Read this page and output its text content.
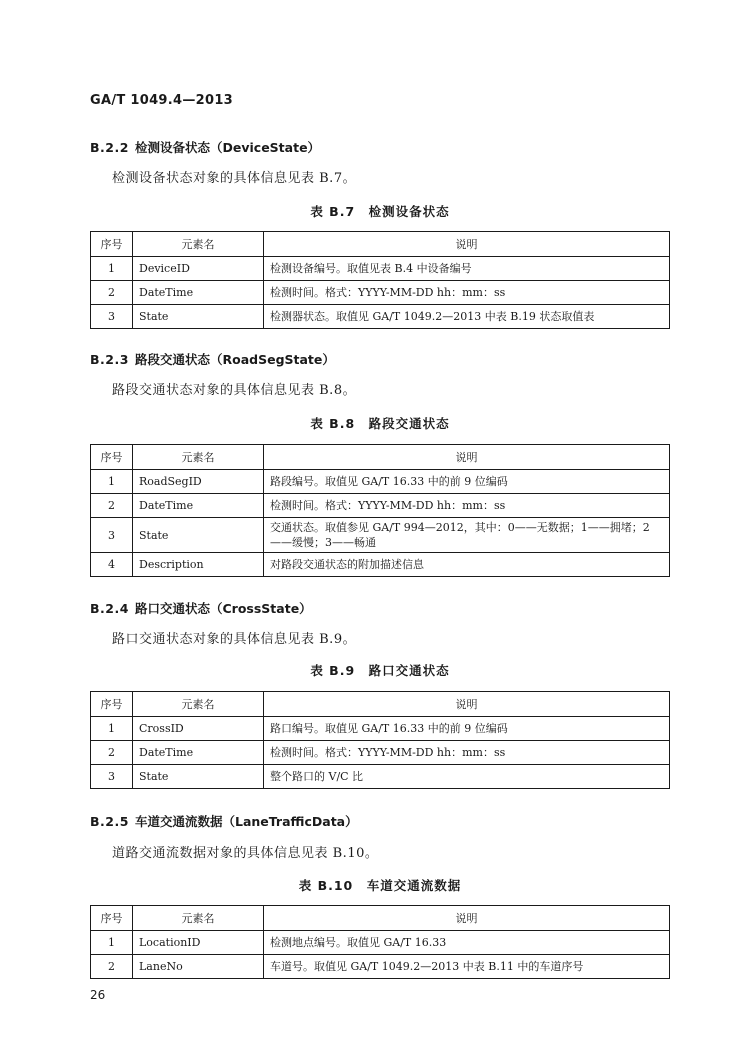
GA/T 1049.4—2013
B.2.2 检测设备状态（DeviceState）
检测设备状态对象的具体信息见表 B.7。
表 B.7　检测设备状态
序号	元素名	说明
1	DeviceID	检测设备编号。取值见表 B.4 中设备编号
2	DateTime	检测时间。格式：YYYY-MM-DD hh：mm：ss
3	State	检测器状态。取值见 GA/T 1049.2—2013 中表 B.19 状态取值表
B.2.3 路段交通状态（RoadSegState）
路段交通状态对象的具体信息见表 B.8。
表 B.8　路段交通状态
序号	元素名	说明
1	RoadSegID	路段编号。取值见 GA/T 16.33 中的前 9 位编码
2	DateTime	检测时间。格式：YYYY-MM-DD hh：mm：ss
3	State	交通状态。取值参见 GA/T 994—2012，其中：0——无数据；1——拥堵；2——缓慢；3——畅通
4	Description	对路段交通状态的附加描述信息
B.2.4 路口交通状态（CrossState）
路口交通状态对象的具体信息见表 B.9。
表 B.9　路口交通状态
序号	元素名	说明
1	CrossID	路口编号。取值见 GA/T 16.33 中的前 9 位编码
2	DateTime	检测时间。格式：YYYY-MM-DD hh：mm：ss
3	State	整个路口的 V/C 比
B.2.5 车道交通流数据（LaneTrafficData）
道路交通流数据对象的具体信息见表 B.10。
表 B.10　车道交通流数据
序号	元素名	说明
1	LocationID	检测地点编号。取值见 GA/T 16.33
2	LaneNo	车道号。取值见 GA/T 1049.2—2013 中表 B.11 中的车道序号
26
